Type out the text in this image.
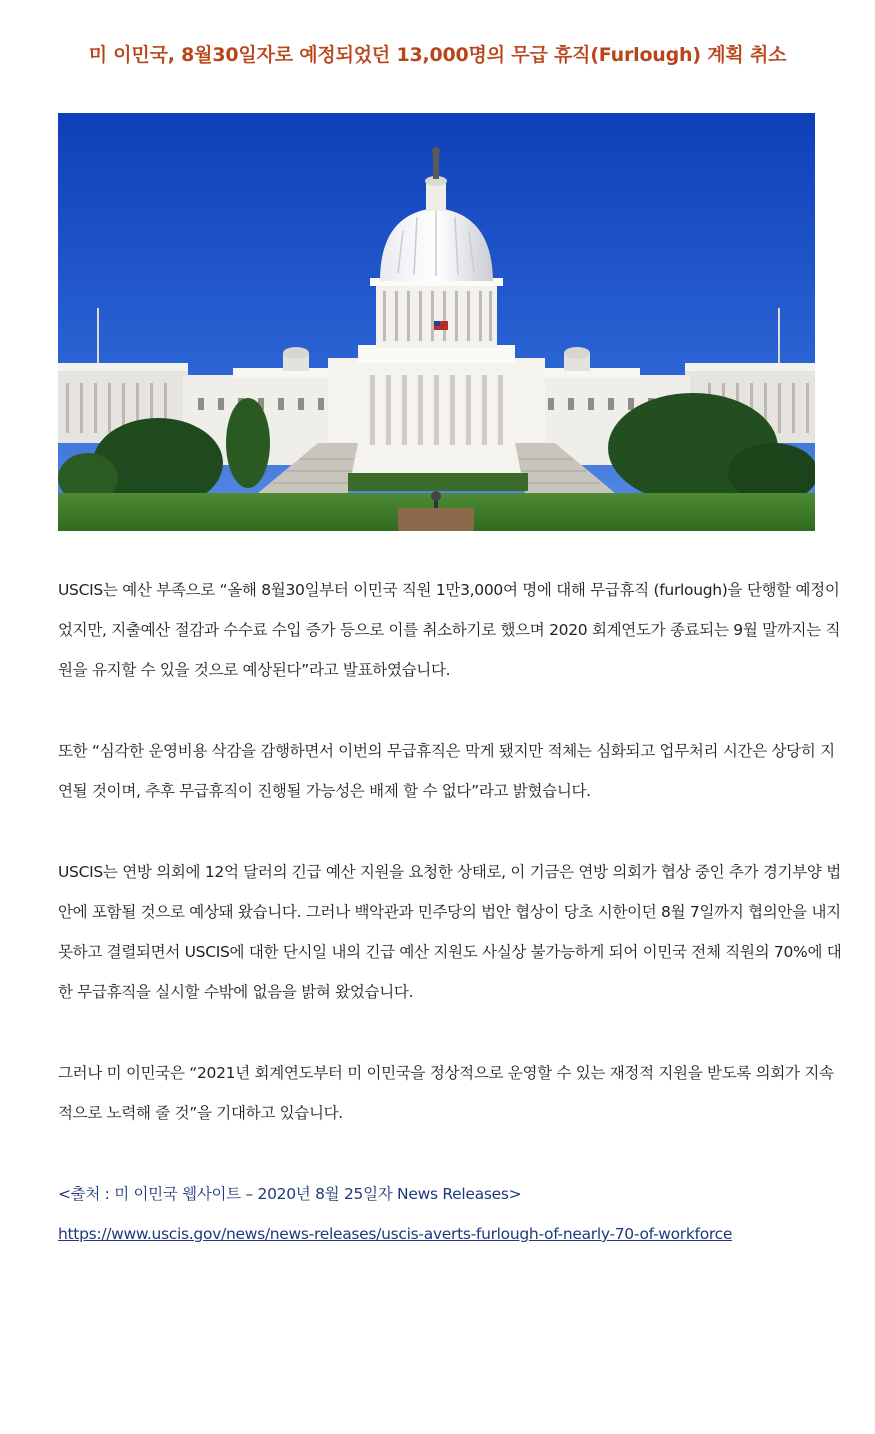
미 이민국, 8월30일자로 예정되었던 13,000명의 무급 휴직(Furlough) 계획 취소

USCIS는 예산 부족으로 “올해 8월30일부터 이민국 직원 1만3,000여 명에 대해 무급휴직 (furlough)을 단행할 예정이었지만, 지출예산 절감과 수수료 수입 증가 등으로 이를 취소하기로 했으며 2020 회계연도가 종료되는 9월 말까지는 직원을 유지할 수 있을 것으로 예상된다”라고 발표하였습니다.

또한 “심각한 운영비용 삭감을 감행하면서 이번의 무급휴직은 막게 됐지만 적체는 심화되고 업무처리 시간은 상당히 지연될 것이며, 추후 무급휴직이 진행될 가능성은 배제 할 수 없다”라고 밝혔습니다.

USCIS는 연방 의회에 12억 달러의 긴급 예산 지원을 요청한 상태로, 이 기금은 연방 의회가 협상 중인 추가 경기부양 법안에 포함될 것으로 예상돼 왔습니다. 그러나 백악관과 민주당의 법안 협상이 당초 시한이던 8월 7일까지 협의안을 내지 못하고 결렬되면서 USCIS에 대한 단시일 내의 긴급 예산 지원도 사실상 불가능하게 되어 이민국 전체 직원의 70%에 대한 무급휴직을 실시할 수밖에 없음을 밝혀 왔었습니다.

그러나 미 이민국은 “2021년 회계연도부터 미 이민국을 정상적으로 운영할 수 있는 재정적 지원을 받도록 의회가 지속적으로 노력해 줄 것”을 기대하고 있습니다.

<출처 : 미 이민국 웹사이트 – 2020년 8월 25일자 News Releases>

https://www.uscis.gov/news/news-releases/uscis-averts-furlough-of-nearly-70-of-workforce
